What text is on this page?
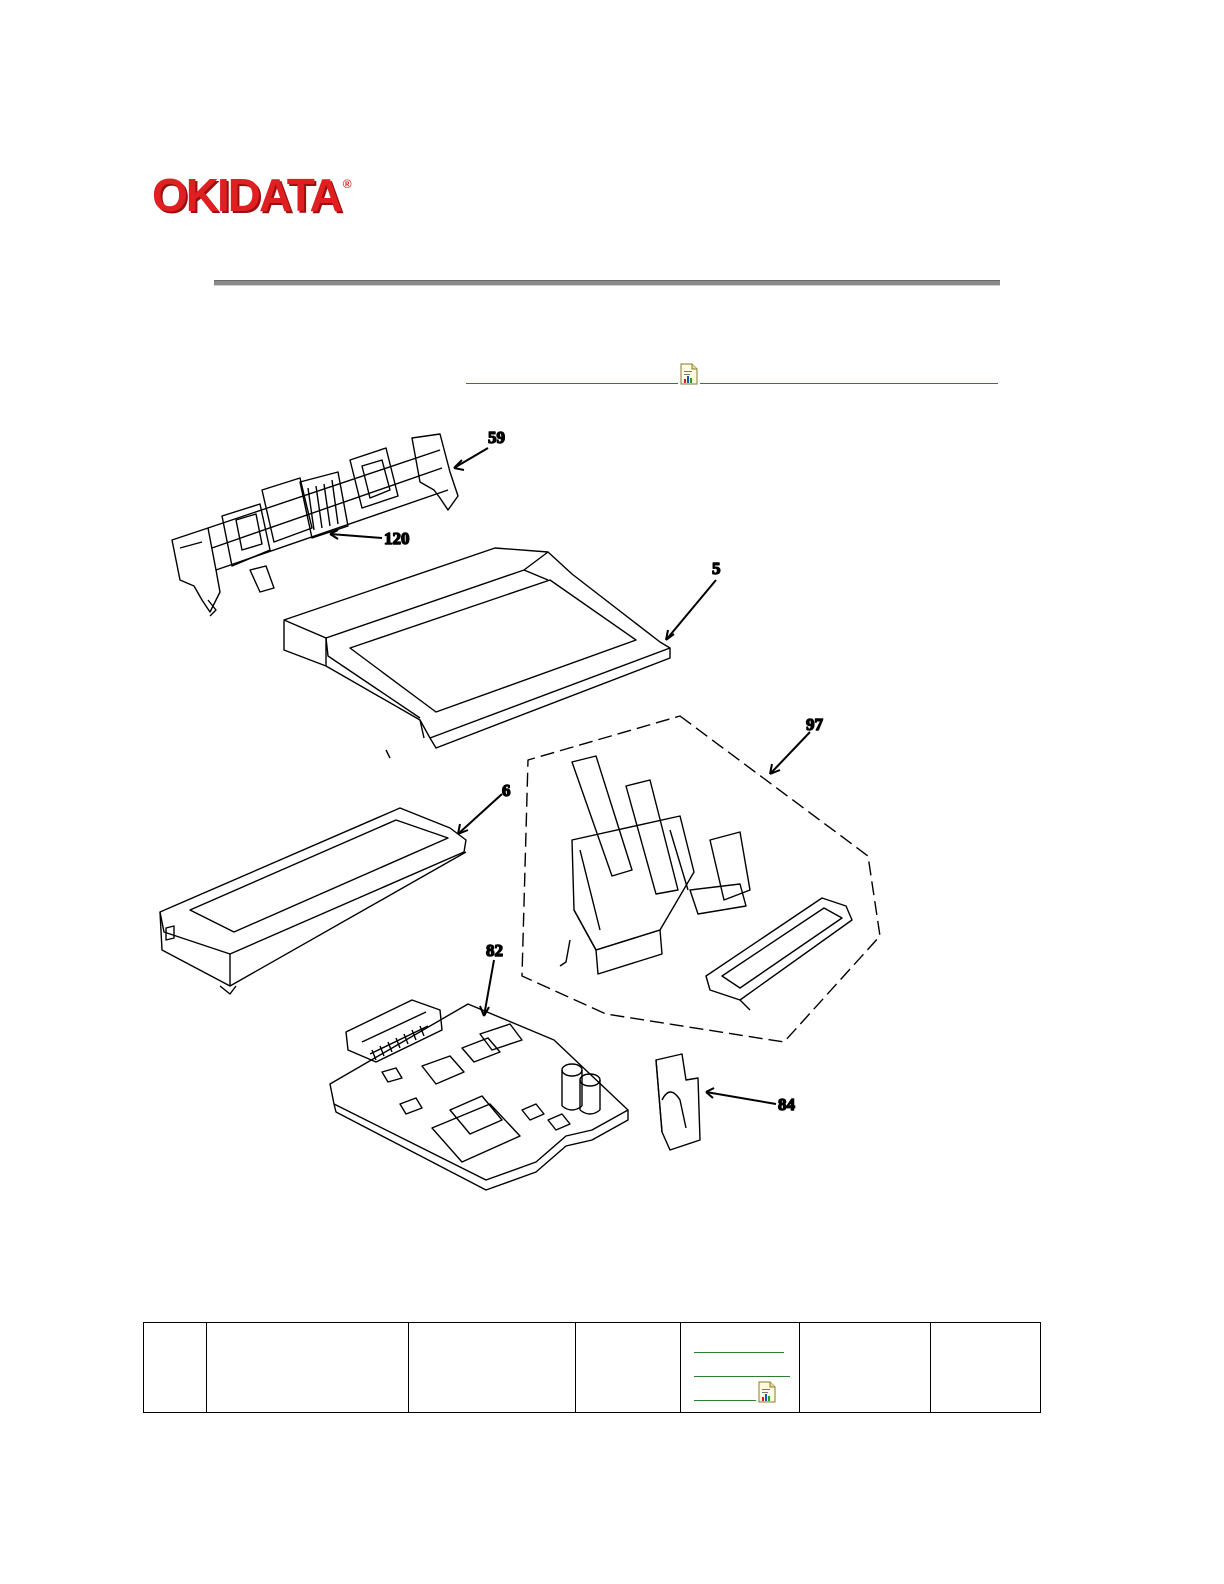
OKIDATA ®
59
120
5
97
6
82
84
